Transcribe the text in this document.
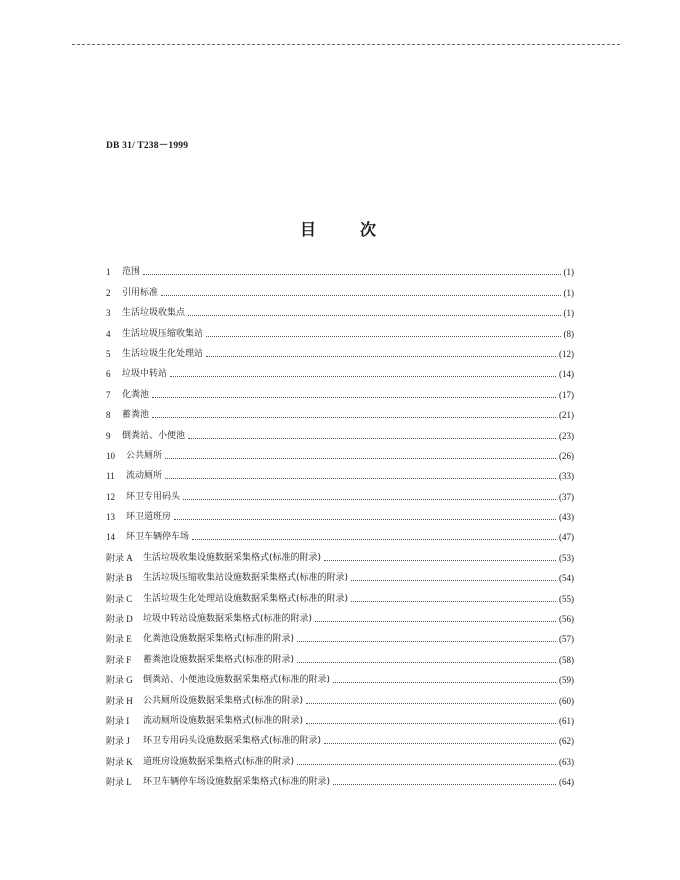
DB 31/ T238－1999
目次
1	范围	(1)
2	引用标准	(1)
3	生活垃圾收集点	(1)
4	生活垃圾压缩收集站	(8)
5	生活垃圾生化处理站	(12)
6	垃圾中转站	(14)
7	化粪池	(17)
8	蓄粪池	(21)
9	倒粪站、小便池	(23)
10	公共厕所	(26)
11	流动厕所	(33)
12	环卫专用码头	(37)
13	环卫道班房	(43)
14	环卫车辆停车场	(47)
附录 A	生活垃圾收集设施数据采集格式(标准的附录)	(53)
附录 B	生活垃圾压缩收集站设施数据采集格式(标准的附录)	(54)
附录 C	生活垃圾生化处理站设施数据采集格式(标准的附录)	(55)
附录 D	垃圾中转站设施数据采集格式(标准的附录)	(56)
附录 E	化粪池设施数据采集格式(标准的附录)	(57)
附录 F	蓄粪池设施数据采集格式(标准的附录)	(58)
附录 G	倒粪站、小便池设施数据采集格式(标准的附录)	(59)
附录 H	公共厕所设施数据采集格式(标准的附录)	(60)
附录 I	流动厕所设施数据采集格式(标准的附录)	(61)
附录 J	环卫专用码头设施数据采集格式(标准的附录)	(62)
附录 K	道班房设施数据采集格式(标准的附录)	(63)
附录 L	环卫车辆停车场设施数据采集格式(标准的附录)	(64)
